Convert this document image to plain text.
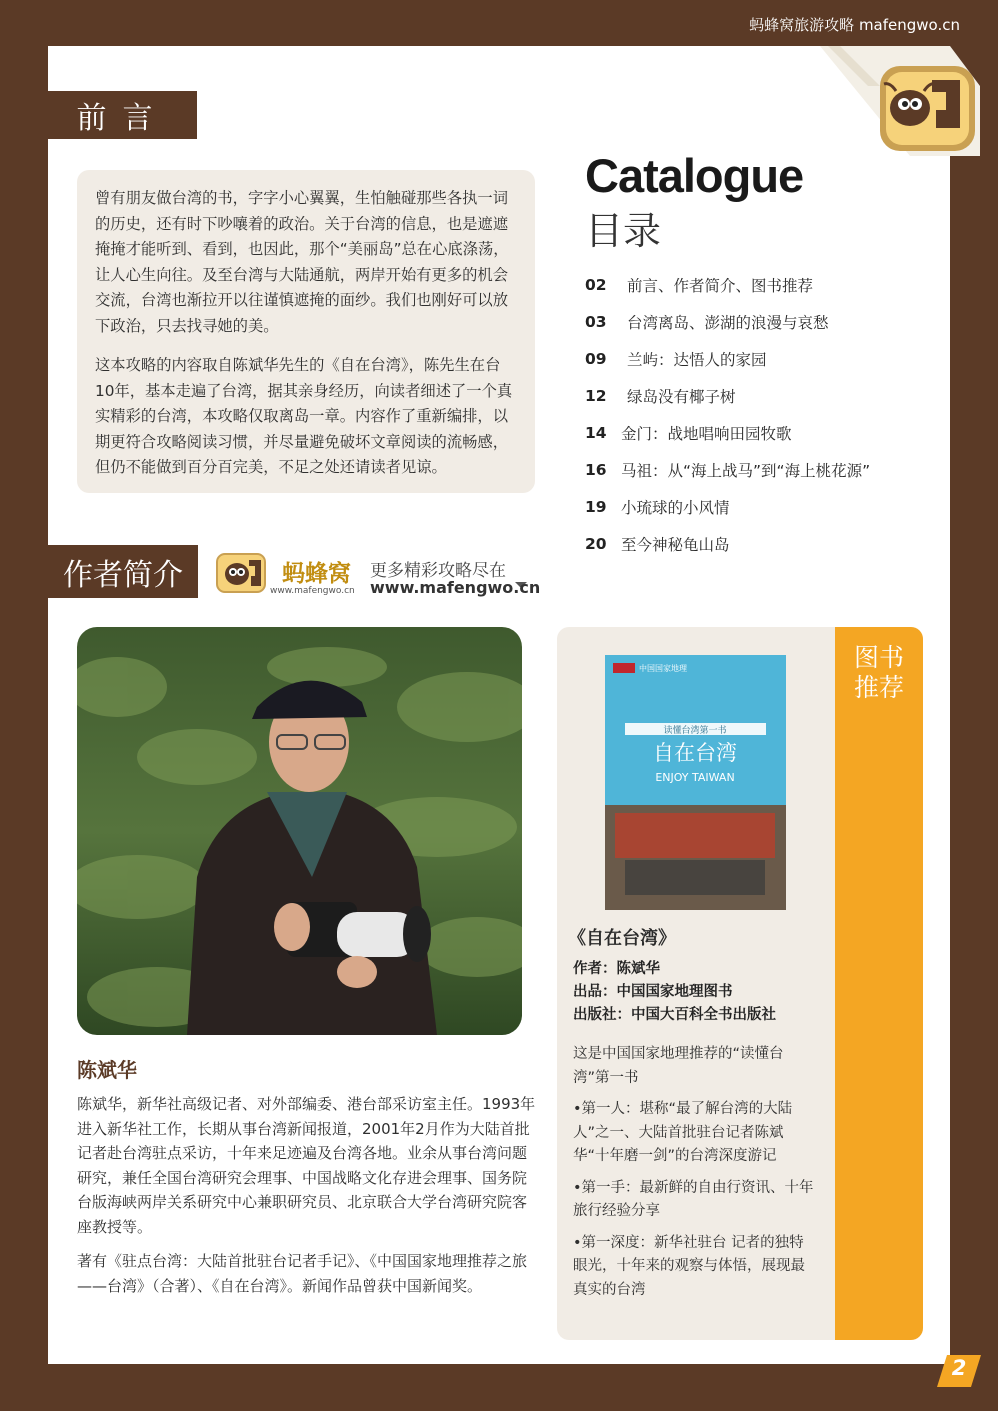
蚂蜂窝旅游攻略 mafengwo.cn
前言

曾有朋友做台湾的书，字字小心翼翼，生怕触碰那些各执一词的历史，还有时下吵嚷着的政治。关于台湾的信息，也是遮遮掩掩才能听到、看到，也因此，那个“美丽岛”总在心底涤荡，让人心生向往。及至台湾与大陆通航，两岸开始有更多的机会交流，台湾也渐拉开以往谨慎遮掩的面纱。我们也刚好可以放下政治，只去找寻她的美。

这本攻略的内容取自陈斌华先生的《自在台湾》，陈先生在台10年，基本走遍了台湾，据其亲身经历，向读者细述了一个真实精彩的台湾，本攻略仅取离岛一章。内容作了重新编排，以期更符合攻略阅读习惯，并尽量避免破坏文章阅读的流畅感，但仍不能做到百分百完美，不足之处还请读者见谅。

Catalogue
目录
02	前言、作者简介、图书推荐
03	台湾离岛、澎湖的浪漫与哀愁
09	兰屿：达悟人的家园
12	绿岛没有椰子树
14 金门：战地唱响田园牧歌
16 马祖：从“海上战马”到“海上桃花源”
19 小琉球的小风情
20 至今神秘龟山岛
作者简介	蚂蜂窝
www.mafengwo.cn
更多精彩攻略尽在
www.mafengwo.cn
陈斌华

陈斌华，新华社高级记者、对外部编委、港台部采访室主任。1993年进入新华社工作，长期从事台湾新闻报道，2001年2月作为大陆首批记者赴台湾驻点采访，十年来足迹遍及台湾各地。业余从事台湾问题研究，兼任全国台湾研究会理事、中国战略文化存进会理事、国务院台版海峡两岸关系研究中心兼职研究员、北京联合大学台湾研究院客座教授等。

著有《驻点台湾：大陆首批驻台记者手记》、《中国国家地理推荐之旅——台湾》（合著）、《自在台湾》。新闻作品曾获中国新闻奖。

图书
推荐
中国国家地理
读懂台湾第一书
自在台湾
ENJOY TAIWAN
《自在台湾》
作者：陈斌华
出品：中国国家地理图书
出版社：中国大百科全书出版社

这是中国国家地理推荐的“读懂台湾”第一书

•第一人：堪称“最了解台湾的大陆人”之一、大陆首批驻台记者陈斌华“十年磨一剑”的台湾深度游记

•第一手：最新鲜的自由行资讯、十年旅行经验分享

•第一深度：新华社驻台 记者的独特眼光，十年来的观察与体悟，展现最真实的台湾

2
